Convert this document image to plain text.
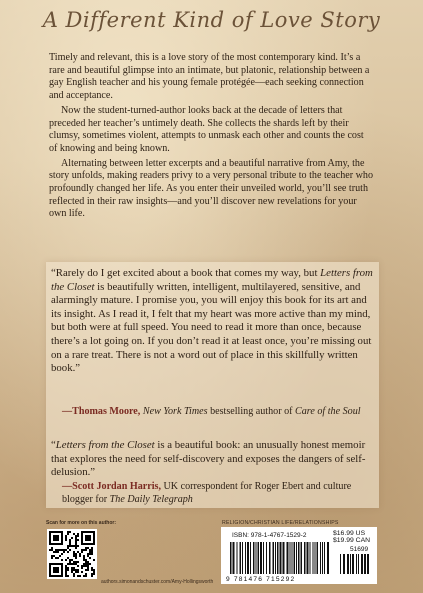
A Different Kind of Love Story

Timely and relevant, this is a love story of the most contemporary kind. It’s a rare and beautiful glimpse into an intimate, but platonic, relationship between a gay English teacher and his young female protégée—each seeking connection and acceptance.

Now the student-turned-author looks back at the decade of letters that preceded her teacher’s untimely death. She collects the shards left by their clumsy, sometimes violent, attempts to unmask each other and counts the cost of knowing and being known.

Alternating between letter excerpts and a beautiful narrative from Amy, the story unfolds, making readers privy to a very personal tribute to the teacher who profoundly changed her life. As you enter their unveiled world, you’ll see truth reflected in their raw insights—and you’ll discover new revelations for your own life.

“Rarely do I get excited about a book that comes my way, but Letters from the Closet is beautifully written, intelligent, multilayered, sensitive, and alarmingly mature. I promise you, you will enjoy this book for its art and its insight. As I read it, I felt that my heart was more active than my mind, but both were at full speed. You need to read it more than once, because there’s a lot going on. If you don’t read it at least once, you’re missing out on a rare treat. There is not a word out of place in this skillfully written book.”
—Thomas Moore, New York Times bestselling author of Care of the Soul
“Letters from the Closet is a beautiful book: an unusually honest memoir that explores the need for self-discovery and exposes the dangers of self-delusion.”
—Scott Jordan Harris, UK correspondent for Roger Ebert and culture blogger for The Daily Telegraph
Scan for more on this author:
authors.simonandschuster.com/Amy-Hollingsworth
RELIGION/CHRISTIAN LIFE/RELATIONSHIPS
ISBN: 978-1-4767-1529-2	$16.99 US
$19.99 CAN
51699
9 781476 715292
